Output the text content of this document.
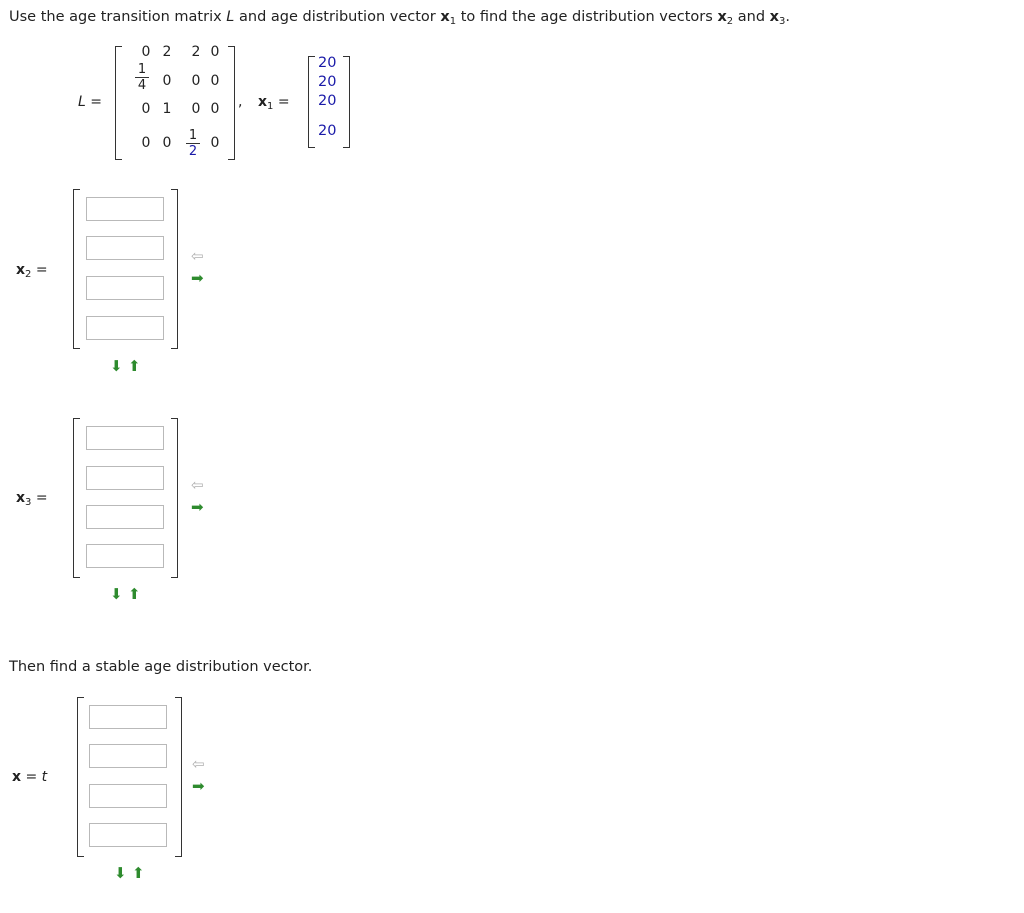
Use the age transition matrix L and age distribution vector $x_1$ to find the age distribution vectors $x_2$ and $x_3$.
L =
0 2 2 0
1
4 0 0 0
0 1 0 0
0 0 1
2
0
, $x_1$ =
20
20
20
20
$x_2$ =
⇦
➡
⬇ ⬆
$x_3$ =
⇦
➡
⬇ ⬆
Then find a stable age distribution vector.
x = t
⇦
➡
⬇ ⬆
